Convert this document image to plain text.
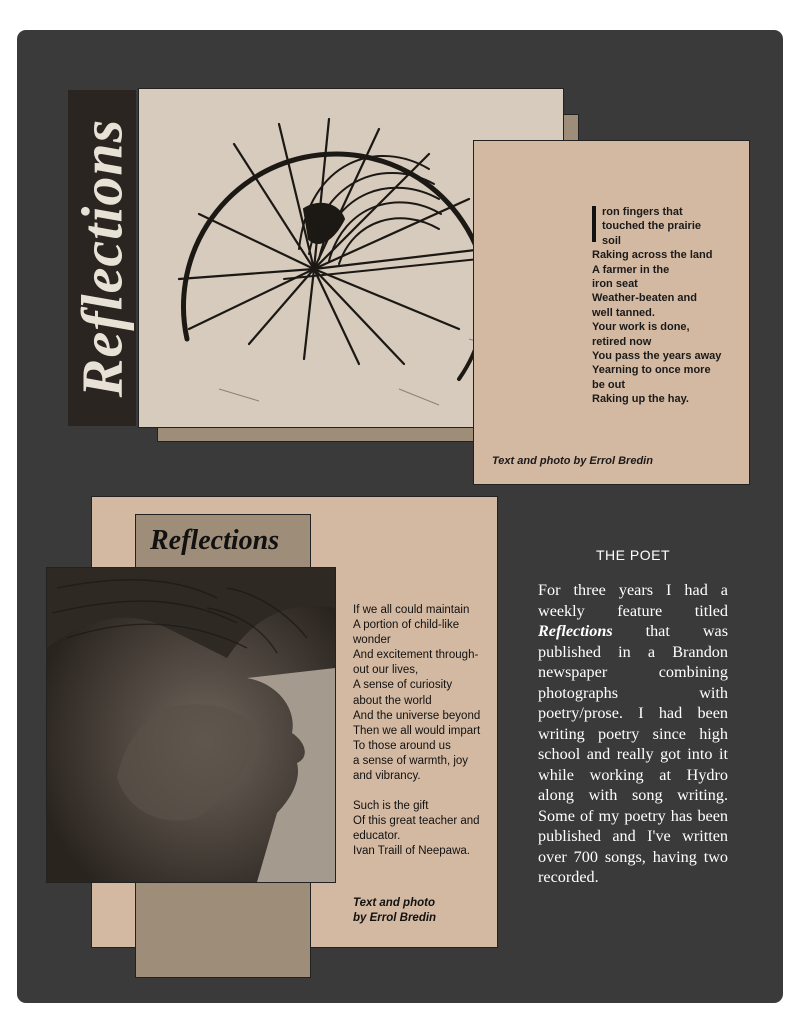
Reflections	ron fingers that
touched the prairie
soil
Raking across the land
A farmer in the
iron seat
Weather-beaten and
well tanned.
Your work is done,
retired now
You pass the years away
Yearning to once more
be out
Raking up the hay.
Text and photo by Errol Bredin
Reflections
If we all could maintain
A portion of child-like
wonder
And excitement through-
out our lives,
A sense of curiosity
about the world
And the universe beyond
Then we all would impart
To those around us
a sense of warmth, joy
and vibrancy.
Such is the gift
Of this great teacher and
educator.
Ivan Traill of Neepawa.
Text and photo
by Errol Bredin
THE POET
For three years I had a weekly feature titled Reflections that was published in a Brandon newspaper combining photographs with poetry/prose. I had been writing poetry since high school and really got into it while working at Hydro along with song writing. Some of my poetry has been published and I've written over 700 songs, having two recorded.
